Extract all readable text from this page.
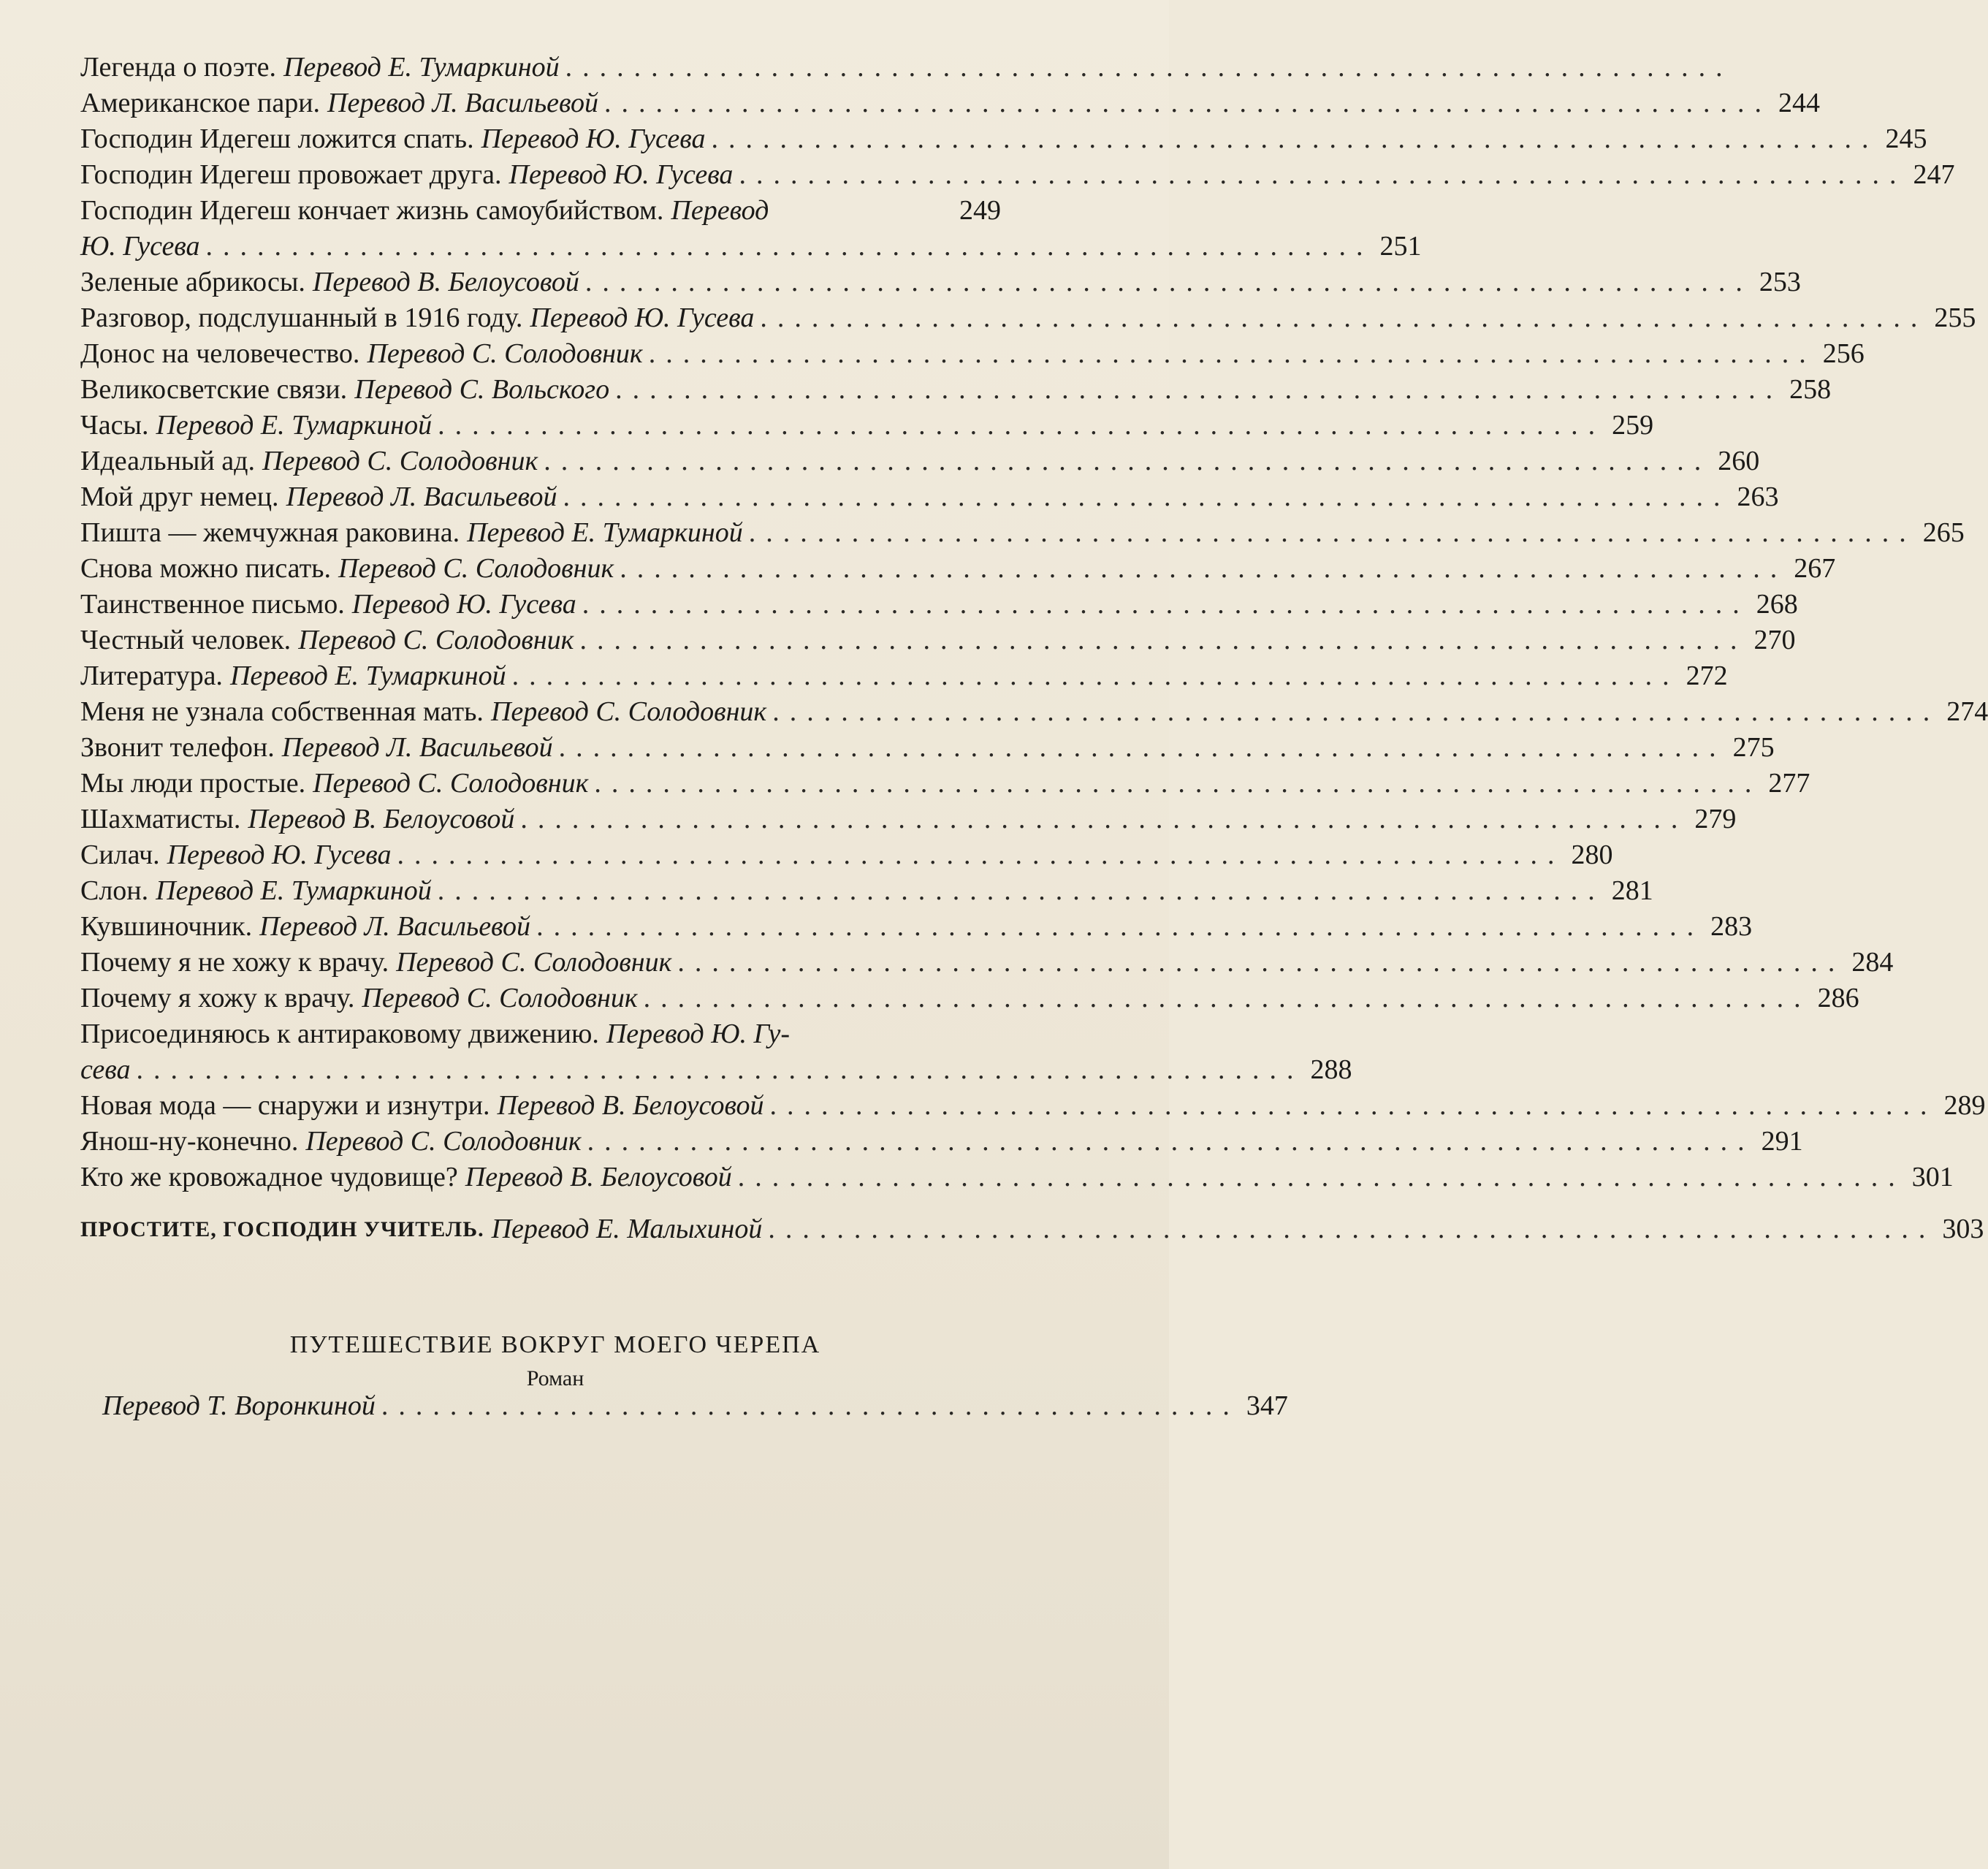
Легенда о поэте. Перевод Е. Тумаркиной ....................................................................
Американское пари. Перевод Л. Васильевой .................................................................... 244
Господин Идегеш ложится спать. Перевод Ю. Гусева .................................................................... 245
Господин Идегеш провожает друга. Перевод Ю. Гусева .................................................................... 247
Господин Идегеш кончает жизнь самоубийством. Перевод	249
Ю. Гусева .................................................................... 251
Зеленые абрикосы. Перевод В. Белоусовой .................................................................... 253
Разговор, подслушанный в 1916 году. Перевод Ю. Гусева .................................................................... 255
Донос на человечество. Перевод С. Солодовник .................................................................... 256
Великосветские связи. Перевод С. Вольского .................................................................... 258
Часы. Перевод Е. Тумаркиной .................................................................... 259
Идеальный ад. Перевод С. Солодовник .................................................................... 260
Мой друг немец. Перевод Л. Васильевой .................................................................... 263
Пишта — жемчужная раковина. Перевод Е. Тумаркиной .................................................................... 265
Снова можно писать. Перевод С. Солодовник .................................................................... 267
Таинственное письмо. Перевод Ю. Гусева .................................................................... 268
Честный человек. Перевод С. Солодовник .................................................................... 270
Литература. Перевод Е. Тумаркиной .................................................................... 272
Меня не узнала собственная мать. Перевод С. Солодовник .................................................................... 274
Звонит телефон. Перевод Л. Васильевой .................................................................... 275
Мы люди простые. Перевод С. Солодовник .................................................................... 277
Шахматисты. Перевод В. Белоусовой .................................................................... 279
Силач. Перевод Ю. Гусева .................................................................... 280
Слон. Перевод Е. Тумаркиной .................................................................... 281
Кувшиночник. Перевод Л. Васильевой .................................................................... 283
Почему я не хожу к врачу. Перевод С. Солодовник .................................................................... 284
Почему я хожу к врачу. Перевод С. Солодовник .................................................................... 286
Присоединяюсь к антираковому движению. Перевод Ю. Гу-
сева .................................................................... 288
Новая мода — снаружи и изнутри. Перевод В. Белоусовой .................................................................... 289
Янош-ну-конечно. Перевод С. Солодовник .................................................................... 291
Кто же кровожадное чудовище? Перевод В. Белоусовой .................................................................... 301
ПРОСТИТЕ, ГОСПОДИН УЧИТЕЛЬ. Перевод Е. Малыхиной .................................................................... 303
ПУТЕШЕСТВИЕ ВОКРУГ МОЕГО ЧЕРЕПА
Роман
Перевод Т. Воронкиной .................................................. 347
